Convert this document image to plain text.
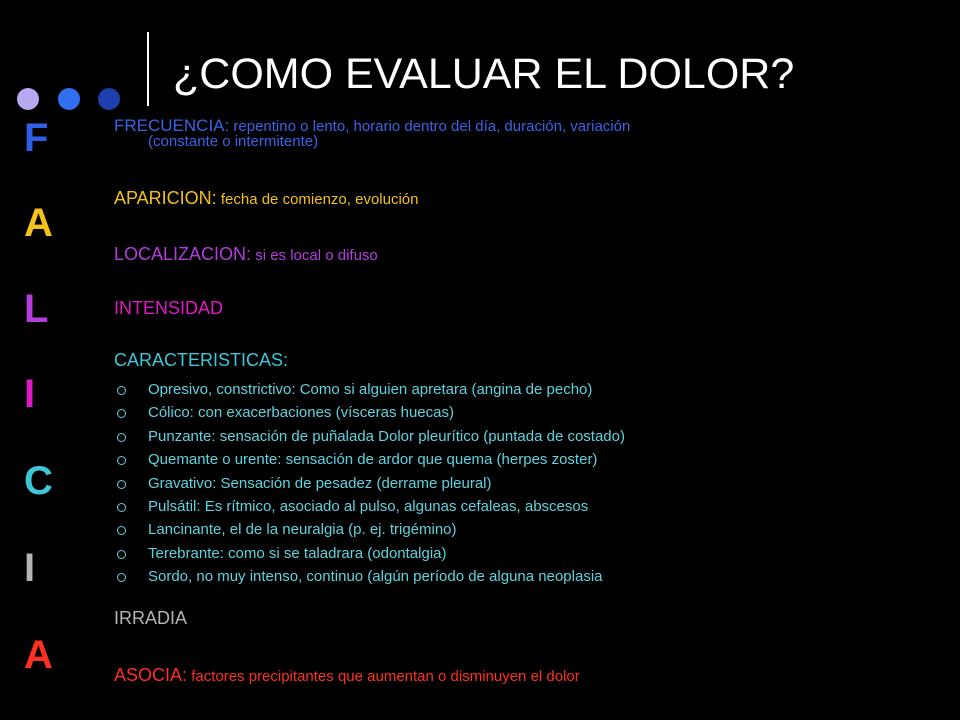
¿COMO EVALUAR EL DOLOR?
F
A
L
I
C
I
A
FRECUENCIA: repentino o lento, horario dentro del día, duración, variación
(constante o intermitente)
APARICION: fecha de comienzo, evolución
LOCALIZACION: si es local o difuso
INTENSIDAD
CARACTERISTICAS:
Opresivo, constrictivo: Como si alguien apretara (angina de pecho)
Cólico: con exacerbaciones (vísceras huecas)
Punzante: sensación de puñalada Dolor pleurítico (puntada de costado)
Quemante o urente: sensación de ardor que quema (herpes zoster)
Gravativo: Sensación de pesadez (derrame pleural)
Pulsátil: Es rítmico, asociado al pulso, algunas cefaleas, abscesos
Lancinante, el de la neuralgia (p. ej. trigémino)
Terebrante: como si se taladrara (odontalgia)
Sordo, no muy intenso, continuo (algún período de alguna neoplasia
IRRADIA
ASOCIA: factores precipitantes que aumentan o disminuyen el dolor
